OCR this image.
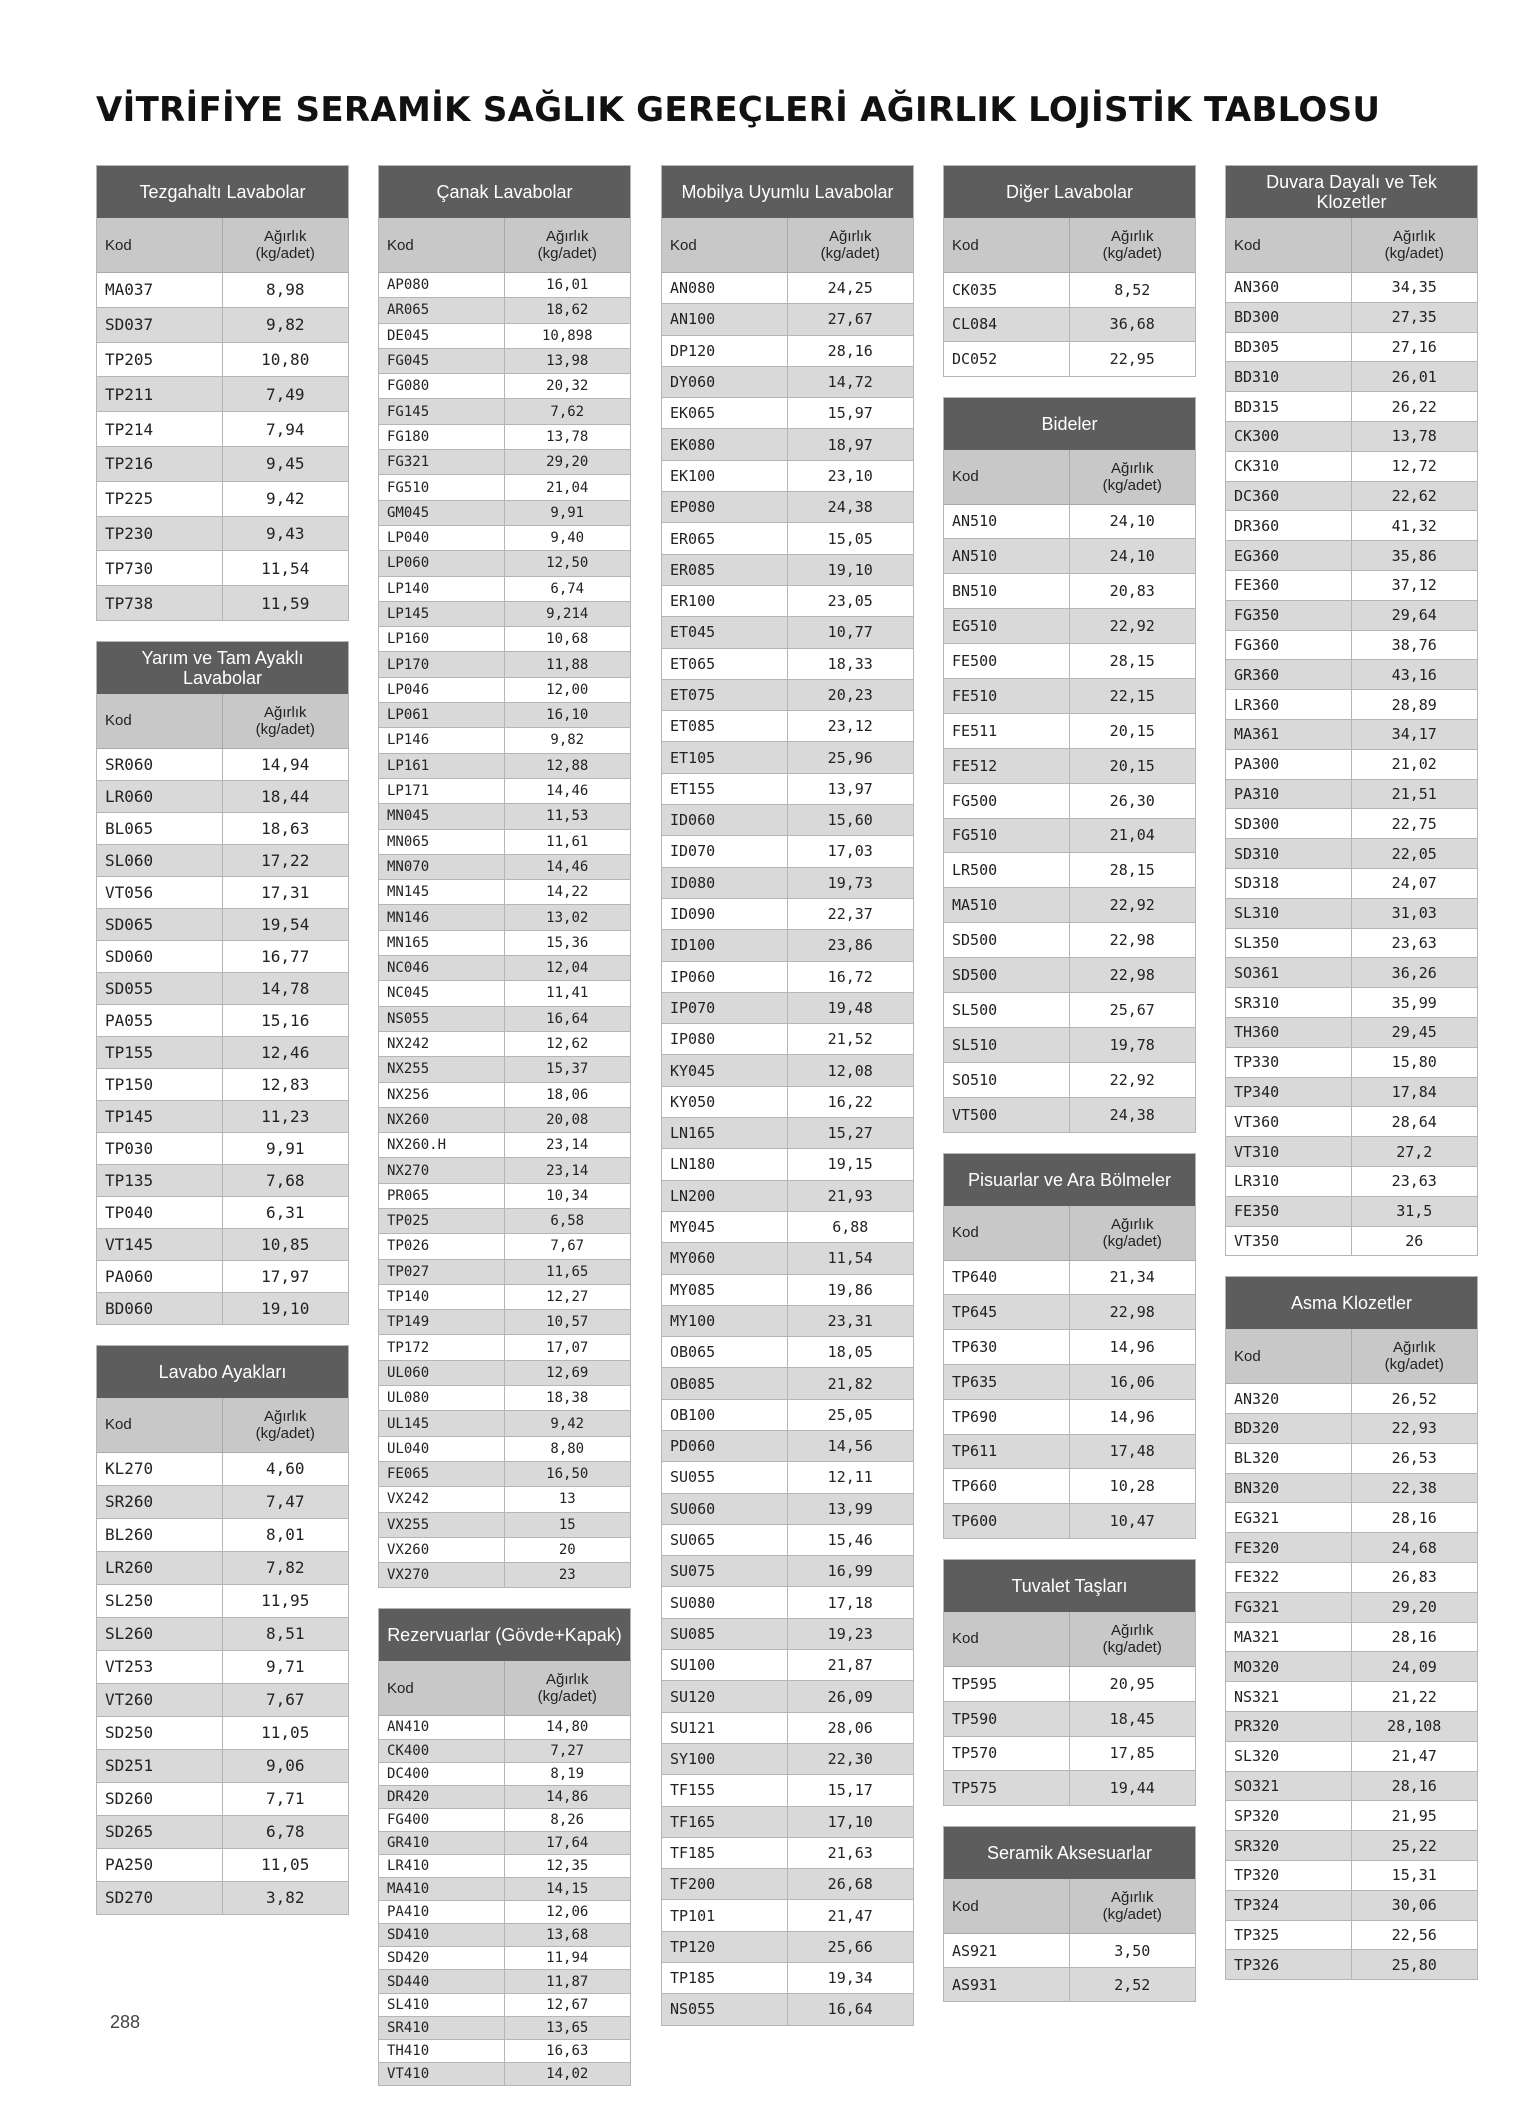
VİTRİFİYE SERAMİK SAĞLIK GEREÇLERİ AĞIRLIK LOJİSTİK TABLOSU
Tezgahaltı Lavabolar
Kod	Ağırlık
(kg/adet)
MA037	8,98
SD037	9,82
TP205	10,80
TP211	7,49
TP214	7,94
TP216	9,45
TP225	9,42
TP230	9,43
TP730	11,54
TP738	11,59
Yarım ve Tam Ayaklı Lavabolar
Kod	Ağırlık
(kg/adet)
SR060	14,94
LR060	18,44
BL065	18,63
SL060	17,22
VT056	17,31
SD065	19,54
SD060	16,77
SD055	14,78
PA055	15,16
TP155	12,46
TP150	12,83
TP145	11,23
TP030	9,91
TP135	7,68
TP040	6,31
VT145	10,85
PA060	17,97
BD060	19,10
Lavabo Ayakları
Kod	Ağırlık
(kg/adet)
KL270	4,60
SR260	7,47
BL260	8,01
LR260	7,82
SL250	11,95
SL260	8,51
VT253	9,71
VT260	7,67
SD250	11,05
SD251	9,06
SD260	7,71
SD265	6,78
PA250	11,05
SD270	3,82
Çanak Lavabolar
Kod	Ağırlık
(kg/adet)
AP080	16,01
AR065	18,62
DE045	10,898
FG045	13,98
FG080	20,32
FG145	7,62
FG180	13,78
FG321	29,20
FG510	21,04
GM045	9,91
LP040	9,40
LP060	12,50
LP140	6,74
LP145	9,214
LP160	10,68
LP170	11,88
LP046	12,00
LP061	16,10
LP146	9,82
LP161	12,88
LP171	14,46
MN045	11,53
MN065	11,61
MN070	14,46
MN145	14,22
MN146	13,02
MN165	15,36
NC046	12,04
NC045	11,41
NS055	16,64
NX242	12,62
NX255	15,37
NX256	18,06
NX260	20,08
NX260.H	23,14
NX270	23,14
PR065	10,34
TP025	6,58
TP026	7,67
TP027	11,65
TP140	12,27
TP149	10,57
TP172	17,07
UL060	12,69
UL080	18,38
UL145	9,42
UL040	8,80
FE065	16,50
VX242	13
VX255	15
VX260	20
VX270	23
Rezervuarlar (Gövde+Kapak)
Kod	Ağırlık
(kg/adet)
AN410	14,80
CK400	7,27
DC400	8,19
DR420	14,86
FG400	8,26
GR410	17,64
LR410	12,35
MA410	14,15
PA410	12,06
SD410	13,68
SD420	11,94
SD440	11,87
SL410	12,67
SR410	13,65
TH410	16,63
VT410	14,02
Mobilya Uyumlu Lavabolar
Kod	Ağırlık
(kg/adet)
AN080	24,25
AN100	27,67
DP120	28,16
DY060	14,72
EK065	15,97
EK080	18,97
EK100	23,10
EP080	24,38
ER065	15,05
ER085	19,10
ER100	23,05
ET045	10,77
ET065	18,33
ET075	20,23
ET085	23,12
ET105	25,96
ET155	13,97
ID060	15,60
ID070	17,03
ID080	19,73
ID090	22,37
ID100	23,86
IP060	16,72
IP070	19,48
IP080	21,52
KY045	12,08
KY050	16,22
LN165	15,27
LN180	19,15
LN200	21,93
MY045	6,88
MY060	11,54
MY085	19,86
MY100	23,31
OB065	18,05
OB085	21,82
OB100	25,05
PD060	14,56
SU055	12,11
SU060	13,99
SU065	15,46
SU075	16,99
SU080	17,18
SU085	19,23
SU100	21,87
SU120	26,09
SU121	28,06
SY100	22,30
TF155	15,17
TF165	17,10
TF185	21,63
TF200	26,68
TP101	21,47
TP120	25,66
TP185	19,34
NS055	16,64
Diğer Lavabolar
Kod	Ağırlık
(kg/adet)
CK035	8,52
CL084	36,68
DC052	22,95
Bideler
Kod	Ağırlık
(kg/adet)
AN510	24,10
AN510	24,10
BN510	20,83
EG510	22,92
FE500	28,15
FE510	22,15
FE511	20,15
FE512	20,15
FG500	26,30
FG510	21,04
LR500	28,15
MA510	22,92
SD500	22,98
SD500	22,98
SL500	25,67
SL510	19,78
SO510	22,92
VT500	24,38
Pisuarlar ve Ara Bölmeler
Kod	Ağırlık
(kg/adet)
TP640	21,34
TP645	22,98
TP630	14,96
TP635	16,06
TP690	14,96
TP611	17,48
TP660	10,28
TP600	10,47
Tuvalet Taşları
Kod	Ağırlık
(kg/adet)
TP595	20,95
TP590	18,45
TP570	17,85
TP575	19,44
Seramik Aksesuarlar
Kod	Ağırlık
(kg/adet)
AS921	3,50
AS931	2,52
Duvara Dayalı ve Tek Klozetler
Kod	Ağırlık
(kg/adet)
AN360	34,35
BD300	27,35
BD305	27,16
BD310	26,01
BD315	26,22
CK300	13,78
CK310	12,72
DC360	22,62
DR360	41,32
EG360	35,86
FE360	37,12
FG350	29,64
FG360	38,76
GR360	43,16
LR360	28,89
MA361	34,17
PA300	21,02
PA310	21,51
SD300	22,75
SD310	22,05
SD318	24,07
SL310	31,03
SL350	23,63
SO361	36,26
SR310	35,99
TH360	29,45
TP330	15,80
TP340	17,84
VT360	28,64
VT310	27,2
LR310	23,63
FE350	31,5
VT350	26
Asma Klozetler
Kod	Ağırlık
(kg/adet)
AN320	26,52
BD320	22,93
BL320	26,53
BN320	22,38
EG321	28,16
FE320	24,68
FE322	26,83
FG321	29,20
MA321	28,16
MO320	24,09
NS321	21,22
PR320	28,108
SL320	21,47
SO321	28,16
SP320	21,95
SR320	25,22
TP320	15,31
TP324	30,06
TP325	22,56
TP326	25,80
288
